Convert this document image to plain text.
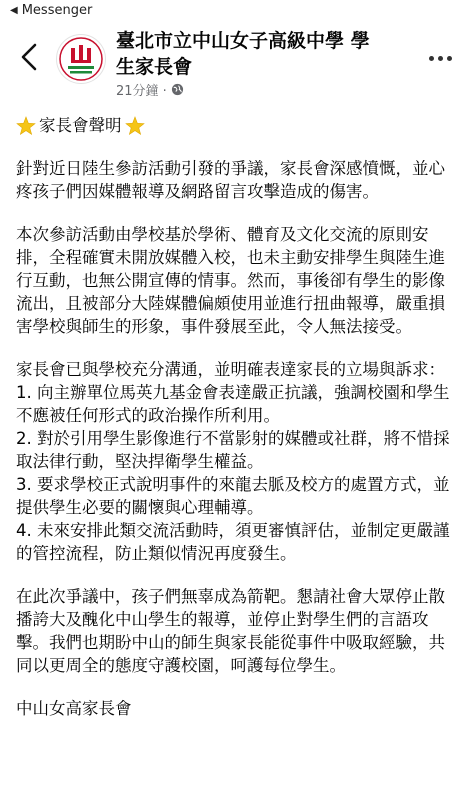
◀ Messenger
臺北市立中山女子高級中學 學生家長會
21分鐘 ·
家長會聲明

針對近日陸生參訪活動引發的爭議，家長會深感憤慨，並心疼孩子們因媒體報導及網路留言攻擊造成的傷害。

本次參訪活動由學校基於學術、體育及文化交流的原則安排，全程確實未開放媒體入校，也未主動安排學生與陸生進行互動，也無公開宣傳的情事。然而，事後卻有學生的影像流出，且被部分大陸媒體偏頗使用並進行扭曲報導，嚴重損害學校與師生的形象，事件發展至此，令人無法接受。

家長會已與學校充分溝通，並明確表達家長的立場與訴求：
1. 向主辦單位馬英九基金會表達嚴正抗議，強調校園和學生不應被任何形式的政治操作所利用。
2. 對於引用學生影像進行不當影射的媒體或社群，將不惜採取法律行動，堅決捍衛學生權益。
3. 要求學校正式說明事件的來龍去脈及校方的處置方式，並提供學生必要的關懷與心理輔導。
4. 未來安排此類交流活動時，須更審慎評估，並制定更嚴謹的管控流程，防止類似情況再度發生。

在此次爭議中，孩子們無辜成為箭靶。懇請社會大眾停止散播誇大及醜化中山學生的報導，並停止對學生們的言語攻擊。我們也期盼中山的師生與家長能從事件中吸取經驗，共同以更周全的態度守護校園，呵護每位學生。

中山女高家長會
